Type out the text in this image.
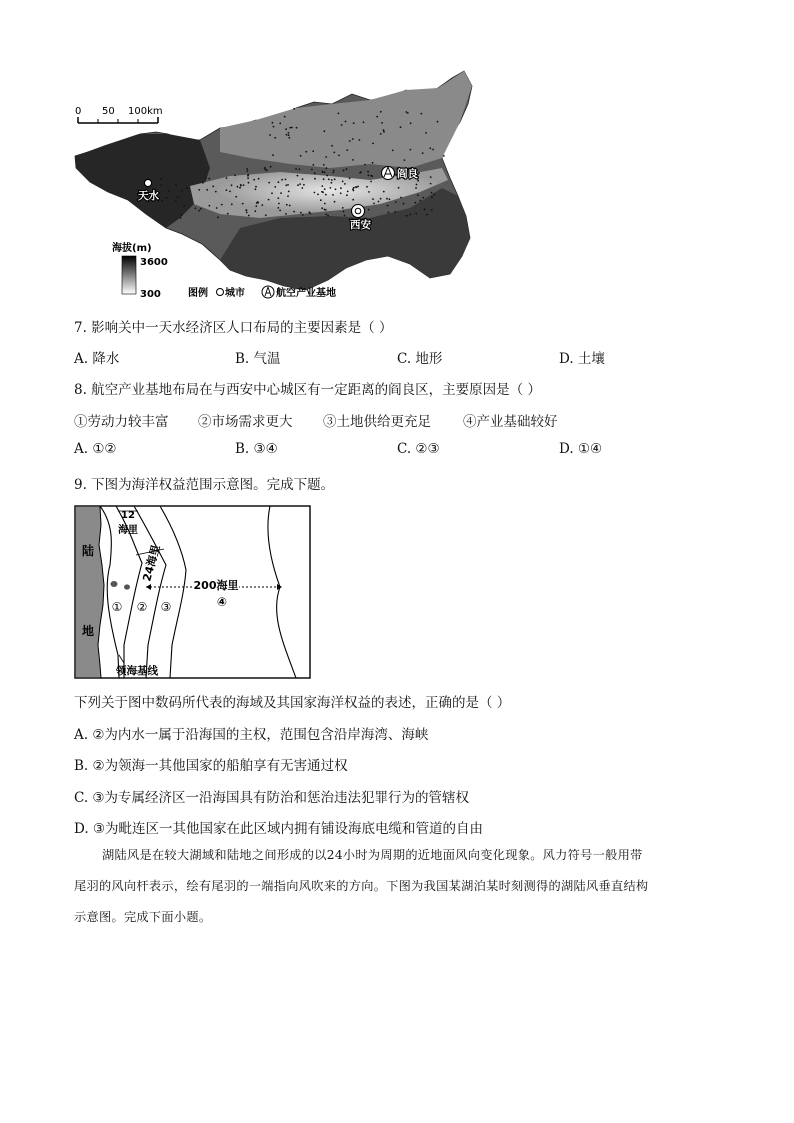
0 50 100km
天水
阎良
西安
海拔(m)
3600
300	图例 城市	航空产业基地
7. 影响关中一天水经济区人口布局的主要因素是（ ）
A. 降水	B. 气温	C. 地形	D. 土壤
8. 航空产业基地布局在与西安中心城区有一定距离的阎良区，主要原因是（ ）
①劳动力较丰富 ②市场需求更大 ③土地供给更充足 ④产业基础较好
A. ①②	B. ③④	C. ②③	D. ①④
9. 下图为海洋权益范围示意图。完成下题。
12
海里
24海里
200海里
④
① ② ③
陆
地
领海基线
下列关于图中数码所代表的海域及其国家海洋权益的表述，正确的是（ ）
A. ②为内水一属于沿海国的主权，范围包含沿岸海湾、海峡
B. ②为领海一其他国家的船舶享有无害通过权
C. ③为专属经济区一沿海国具有防治和惩治违法犯罪行为的管辖权
D. ③为毗连区一其他国家在此区域内拥有铺设海底电缆和管道的自由
湖陆风是在较大湖域和陆地之间形成的以24小时为周期的近地面风向变化现象。风力符号一般用带
尾羽的风向杆表示，绘有尾羽的一端指向风吹来的方向。下图为我国某湖泊某时刻测得的湖陆风垂直结构
示意图。完成下面小题。
